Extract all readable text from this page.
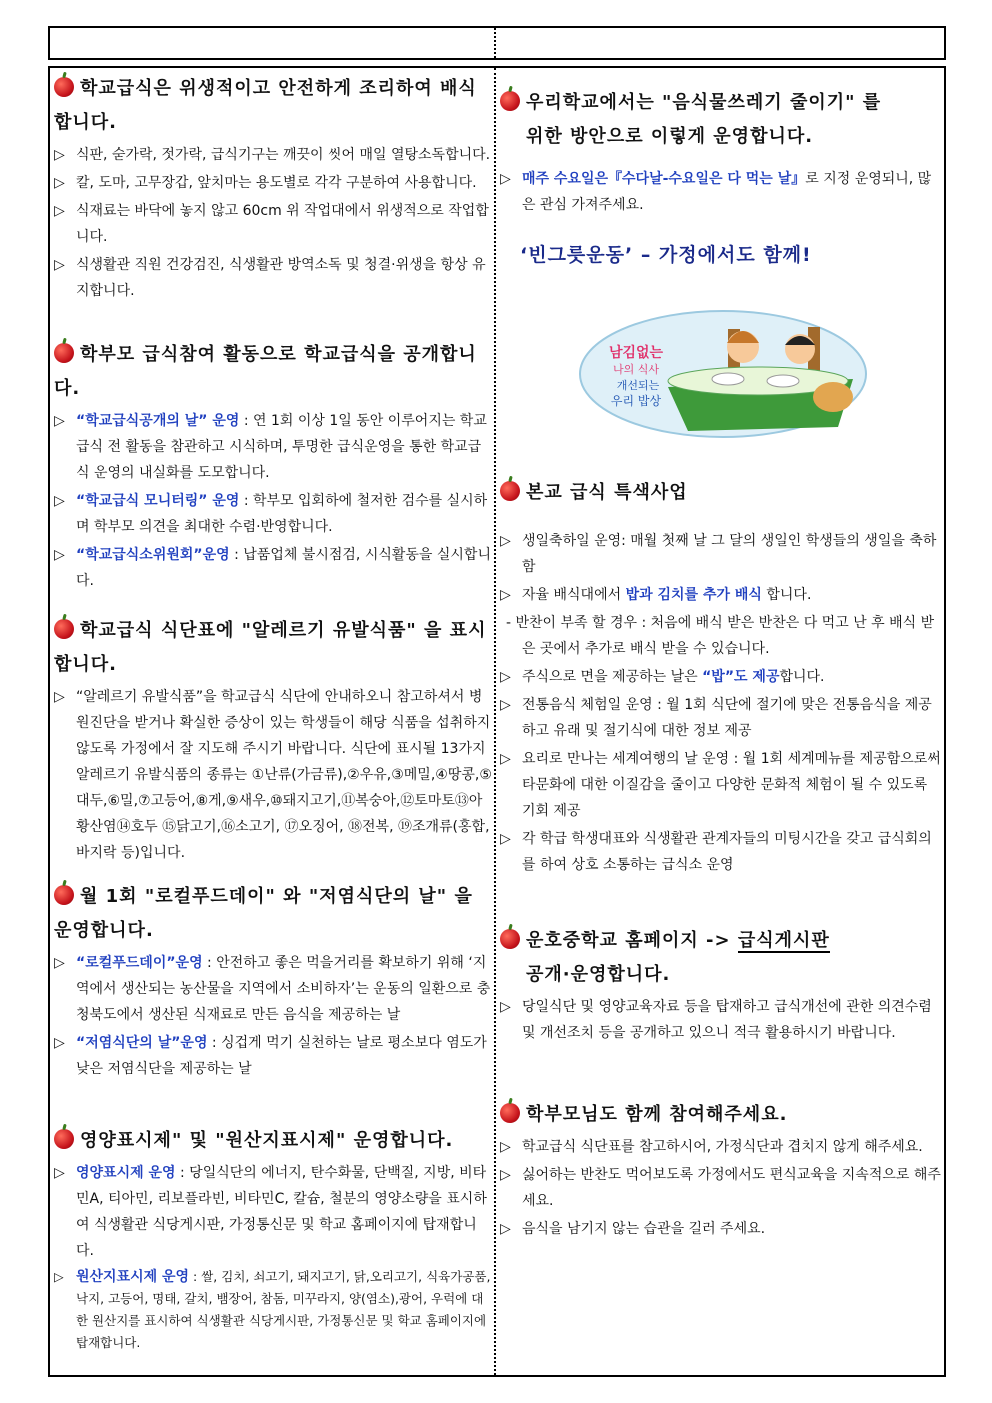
학교급식은 위생적이고 안전하게 조리하여 배식합니다.

▷ 식판, 숟가락, 젓가락, 급식기구는 깨끗이 씻어 매일 열탕소독합니다.

▷ 칼, 도마, 고무장갑, 앞치마는 용도별로 각각 구분하여 사용합니다.

▷ 식재료는 바닥에 놓지 않고 60cm 위 작업대에서 위생적으로 작업합니다.

▷ 식생활관 직원 건강검진, 식생활관 방역소독 및 청결·위생을 항상 유지합니다.

학부모 급식참여 활동으로 학교급식을 공개합니다.

▷ “학교급식공개의 날” 운영 : 연 1회 이상 1일 동안 이루어지는 학교급식 전 활동을 참관하고 시식하며, 투명한 급식운영을 통한 학교급식 운영의 내실화를 도모합니다.

▷ “학교급식 모니터링” 운영 : 학부모 입회하에 철저한 검수를 실시하며 학부모 의견을 최대한 수렴·반영합니다.

▷ “학교급식소위원회”운영 : 납품업체 불시점검, 시식활동을 실시합니다.

학교급식 식단표에 "알레르기 유발식품" 을 표시합니다.

▷ “알레르기 유발식품”을 학교급식 식단에 안내하오니 참고하셔서 병원진단을 받거나 확실한 증상이 있는 학생들이 해당 식품을 섭취하지 않도록 가정에서 잘 지도해 주시기 바랍니다. 식단에 표시될 13가지 알레르기 유발식품의 종류는 ①난류(가금류),②우유,③메밀,④땅콩,⑤대두,⑥밀,⑦고등어,⑧게,⑨새우,⑩돼지고기,⑪복숭아,⑫토마토⑬아황산염⑭호두 ⑮닭고기,⑯소고기, ⑰오징어, ⑱전복, ⑲조개류(홍합, 바지락 등)입니다.

월 1회 "로컬푸드데이" 와 "저염식단의 날" 을 운영합니다.

▷ “로컬푸드데이”운영 : 안전하고 좋은 먹을거리를 확보하기 위해 ‘지역에서 생산되는 농산물을 지역에서 소비하자’는 운동의 일환으로 충청북도에서 생산된 식재료로 만든 음식을 제공하는 날

▷ “저염식단의 날”운영 : 싱겁게 먹기 실천하는 날로 평소보다 염도가 낮은 저염식단을 제공하는 날

영양표시제" 및 "원산지표시제" 운영합니다.

▷ 영양표시제 운영 : 당일식단의 에너지, 탄수화물, 단백질, 지방, 비타민A, 티아민, 리보플라빈, 비타민C, 칼슘, 철분의 영양소량을 표시하여 식생활관 식당게시판, 가정통신문 및 학교 홈페이지에 탑재합니다.

▷ 원산지표시제 운영 : 쌀, 김치, 쇠고기, 돼지고기, 닭,오리고기, 식육가공품, 낙지, 고등어, 명태, 갈치, 뱀장어, 참돔, 미꾸라지, 양(염소),광어, 우럭에 대한 원산지를 표시하여 식생활관 식당게시판, 가정통신문 및 학교 홈페이지에 탑재합니다.

우리학교에서는 "음식물쓰레기 줄이기" 를
위한 방안으로 이렇게 운영합니다.

▷ 매주 수요일은『수다날-수요일은 다 먹는 날』로 지정 운영되니, 많은 관심 가져주세요.

‘빈그릇운동’ – 가정에서도 함께!

남김없는
나의 식사
개선되는
우리 밥상

본교 급식 특색사업

▷ 생일축하일 운영: 매월 첫째 날 그 달의 생일인 학생들의 생일을 축하함

▷ 자율 배식대에서 밥과 김치를 추가 배식 합니다.

- 반찬이 부족 할 경우 : 처음에 배식 받은 반찬은 다 먹고 난 후 배식 받은 곳에서 추가로 배식 받을 수 있습니다.

▷ 주식으로 면을 제공하는 날은 “밥”도 제공합니다.

▷ 전통음식 체험일 운영 : 월 1회 식단에 절기에 맞은 전통음식을 제공하고 유래 및 절기식에 대한 정보 제공

▷ 요리로 만나는 세계여행의 날 운영 : 월 1회 세계메뉴를 제공함으로써 타문화에 대한 이질감을 줄이고 다양한 문화적 체험이 될 수 있도록 기회 제공

▷ 각 학급 학생대표와 식생활관 관계자들의 미팅시간을 갖고 급식회의를 하여 상호 소통하는 급식소 운영

운호중학교 홈페이지 -> 급식게시판
공개·운영합니다.

▷ 당일식단 및 영양교육자료 등을 탑재하고 급식개선에 관한 의견수렴 및 개선조치 등을 공개하고 있으니 적극 활용하시기 바랍니다.

학부모님도 함께 참여해주세요.

▷ 학교급식 식단표를 참고하시어, 가정식단과 겹치지 않게 해주세요.

▷ 싫어하는 반찬도 먹어보도록 가정에서도 편식교육을 지속적으로 해주세요.

▷ 음식을 남기지 않는 습관을 길러 주세요.
